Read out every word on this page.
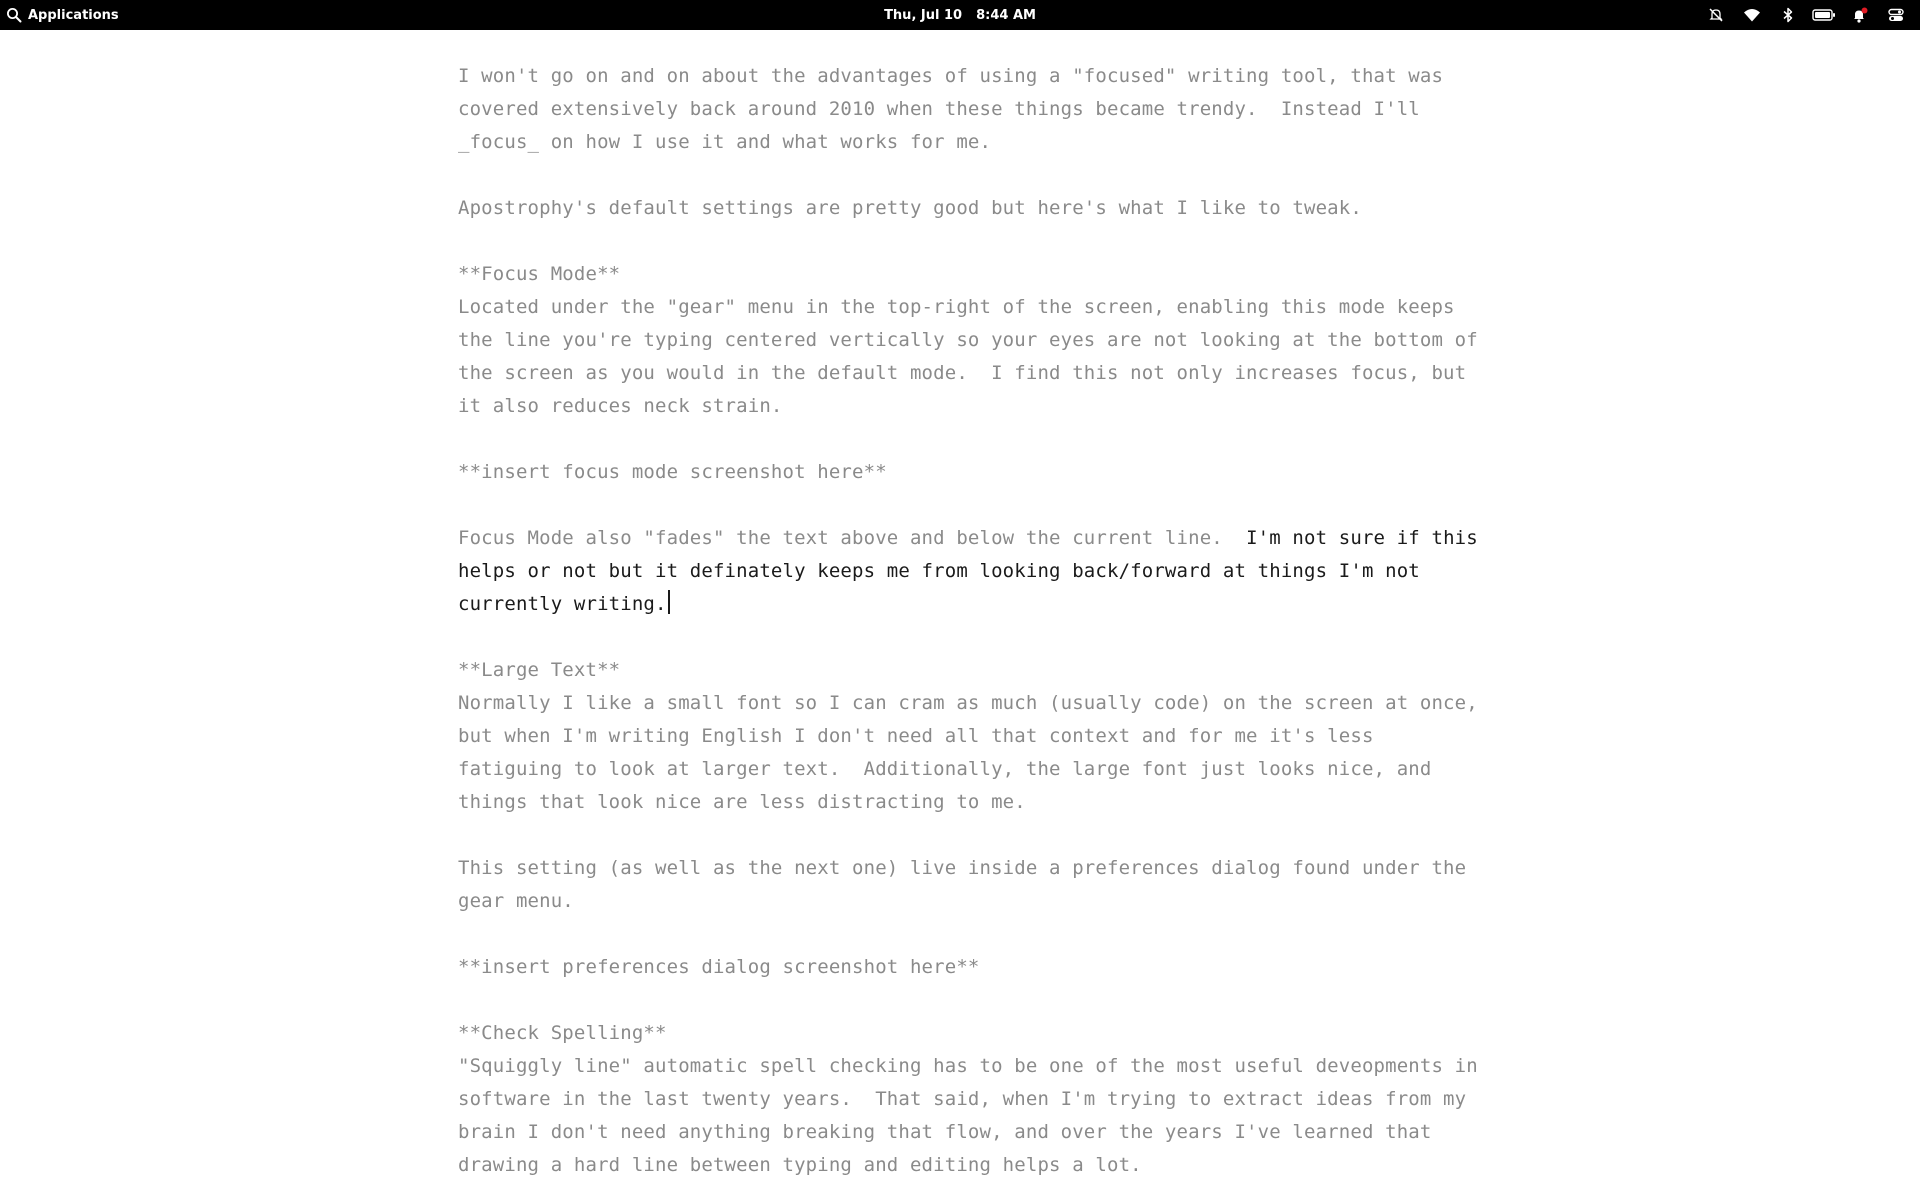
Applications	Thu, Jul 10 8:44 AM

I won't go on and on about the advantages of using a "focused" writing tool, that was covered extensively back around 2010 when these things became trendy.  Instead I'll _focus_ on how I use it and what works for me.

Apostrophy's default settings are pretty good but here's what I like to tweak.

**Focus Mode**
Located under the "gear" menu in the top-right of the screen, enabling this mode keeps the line you're typing centered vertically so your eyes are not looking at the bottom of the screen as you would in the default mode.  I find this not only increases focus, but it also reduces neck strain.

**insert focus mode screenshot here**

Focus Mode also "fades" the text above and below the current line.  I'm not sure if this helps or not but it definately keeps me from looking back/forward at things I'm not currently writing.

**Large Text**
Normally I like a small font so I can cram as much (usually code) on the screen at once, but when I'm writing English I don't need all that context and for me it's less fatiguing to look at larger text.  Additionally, the large font just looks nice, and things that look nice are less distracting to me.

This setting (as well as the next one) live inside a preferences dialog found under the gear menu.

**insert preferences dialog screenshot here**

**Check Spelling**
"Squiggly line" automatic spell checking has to be one of the most useful deveopments in software in the last twenty years.  That said, when I'm trying to extract ideas from my brain I don't need anything breaking that flow, and over the years I've learned that drawing a hard line between typing and editing helps a lot.
